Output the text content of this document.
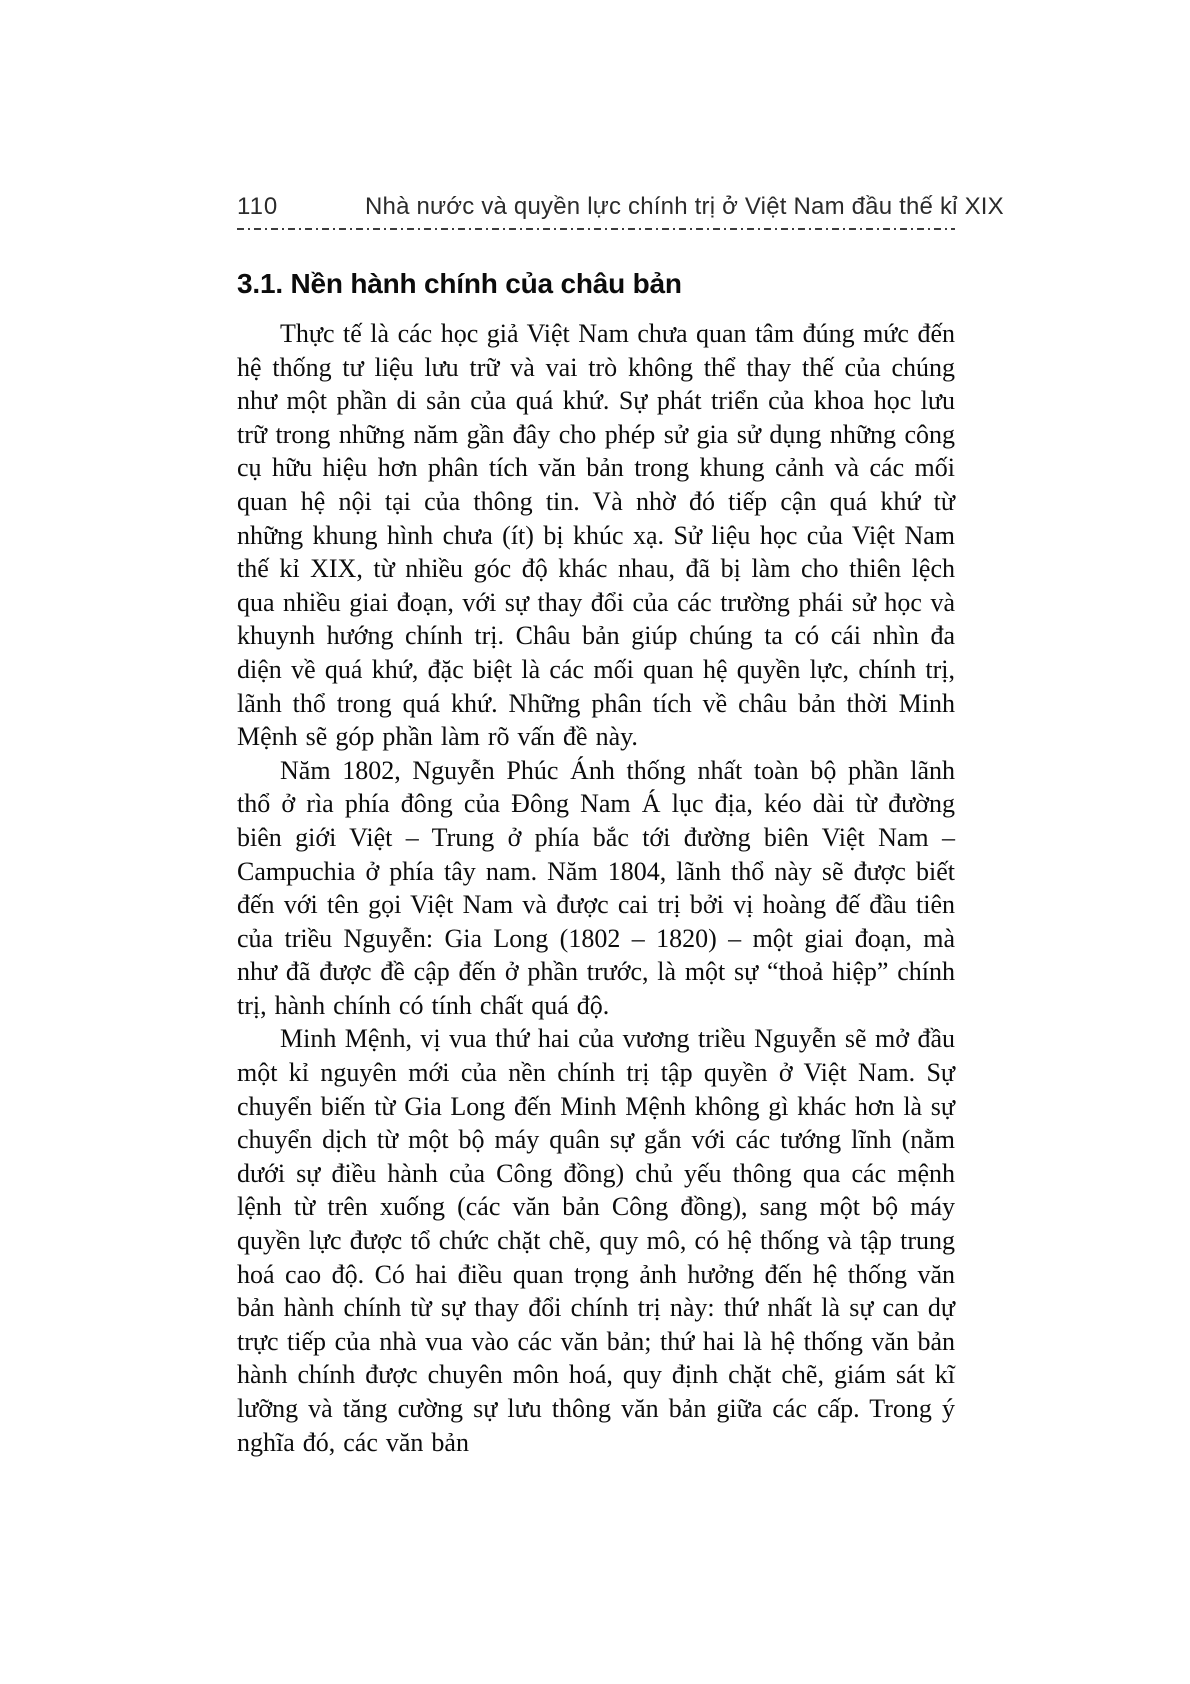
110	Nhà nước và quyền lực chính trị ở Việt Nam đầu thế kỉ XIX
3.1. Nền hành chính của châu bản

Thực tế là các học giả Việt Nam chưa quan tâm đúng mức đến hệ thống tư liệu lưu trữ và vai trò không thể thay thế của chúng như một phần di sản của quá khứ. Sự phát triển của khoa học lưu trữ trong những năm gần đây cho phép sử gia sử dụng những công cụ hữu hiệu hơn phân tích văn bản trong khung cảnh và các mối quan hệ nội tại của thông tin. Và nhờ đó tiếp cận quá khứ từ những khung hình chưa (ít) bị khúc xạ. Sử liệu học của Việt Nam thế kỉ XIX, từ nhiều góc độ khác nhau, đã bị làm cho thiên lệch qua nhiều giai đoạn, với sự thay đổi của các trường phái sử học và khuynh hướng chính trị. Châu bản giúp chúng ta có cái nhìn đa diện về quá khứ, đặc biệt là các mối quan hệ quyền lực, chính trị, lãnh thổ trong quá khứ. Những phân tích về châu bản thời Minh Mệnh sẽ góp phần làm rõ vấn đề này.

Năm 1802, Nguyễn Phúc Ánh thống nhất toàn bộ phần lãnh thổ ở rìa phía đông của Đông Nam Á lục địa, kéo dài từ đường biên giới Việt – Trung ở phía bắc tới đường biên Việt Nam – Campuchia ở phía tây nam. Năm 1804, lãnh thổ này sẽ được biết đến với tên gọi Việt Nam và được cai trị bởi vị hoàng đế đầu tiên của triều Nguyễn: Gia Long (1802 – 1820) – một giai đoạn, mà như đã được đề cập đến ở phần trước, là một sự “thoả hiệp” chính trị, hành chính có tính chất quá độ.

Minh Mệnh, vị vua thứ hai của vương triều Nguyễn sẽ mở đầu một kỉ nguyên mới của nền chính trị tập quyền ở Việt Nam. Sự chuyển biến từ Gia Long đến Minh Mệnh không gì khác hơn là sự chuyển dịch từ một bộ máy quân sự gắn với các tướng lĩnh (nằm dưới sự điều hành của Công đồng) chủ yếu thông qua các mệnh lệnh từ trên xuống (các văn bản Công đồng), sang một bộ máy quyền lực được tổ chức chặt chẽ, quy mô, có hệ thống và tập trung hoá cao độ. Có hai điều quan trọng ảnh hưởng đến hệ thống văn bản hành chính từ sự thay đổi chính trị này: thứ nhất là sự can dự trực tiếp của nhà vua vào các văn bản; thứ hai là hệ thống văn bản hành chính được chuyên môn hoá, quy định chặt chẽ, giám sát kĩ lưỡng và tăng cường sự lưu thông văn bản giữa các cấp. Trong ý nghĩa đó, các văn bản
